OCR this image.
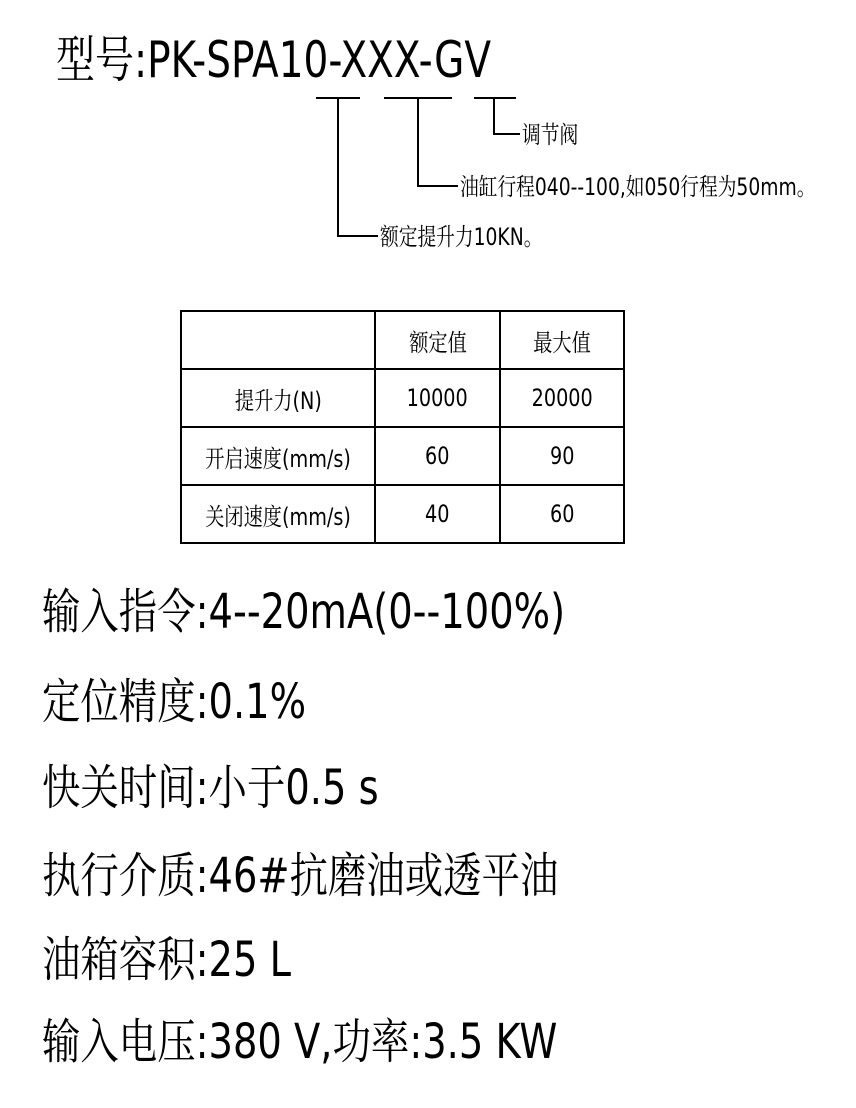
型号:PK-SPA10-XXX-GV
调节阀
油缸行程040--100,如050行程为50mm。
额定提升力10KN。
	额定值	最大值
提升力(N)	10000	20000
开启速度(mm/s)	60	90
关闭速度(mm/s)	40	60
输入指令:4--20mA(0--100%)
定位精度:0.1%
快关时间:小于0.5 s
执行介质:46#抗磨油或透平油
油箱容积:25 L
输入电压:380 V,功率:3.5 KW
